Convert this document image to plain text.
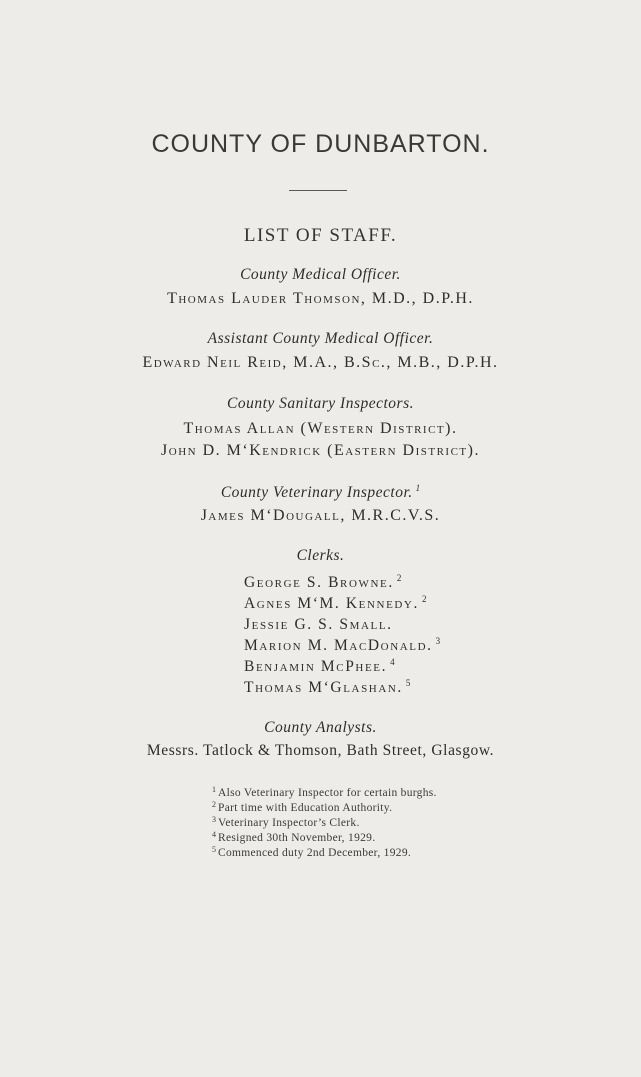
COUNTY OF DUNBARTON.
LIST OF STAFF.
County Medical Officer.
Thomas Lauder Thomson, M.D., D.P.H.
Assistant County Medical Officer.
Edward Neil Reid, M.A., B.Sc., M.B., D.P.H.
County Sanitary Inspectors.
Thomas Allan (Western District).
John D. M‘Kendrick (Eastern District).
County Veterinary Inspector. $^1$
James M‘Dougall, M.R.C.V.S.
Clerks.
George S. Browne. $^2$
Agnes M‘M. Kennedy. $^2$
Jessie G. S. Small.
Marion M. MacDonald. $^3$
Benjamin McPhee. $^4$
Thomas M‘Glashan. $^5$
County Analysts.
Messrs. Tatlock & Thomson, Bath Street, Glasgow.
$^1$ Also Veterinary Inspector for certain burghs.
$^2$ Part time with Education Authority.
$^3$ Veterinary Inspector’s Clerk.
$^4$ Resigned 30th November, 1929.
$^5$ Commenced duty 2nd December, 1929.
